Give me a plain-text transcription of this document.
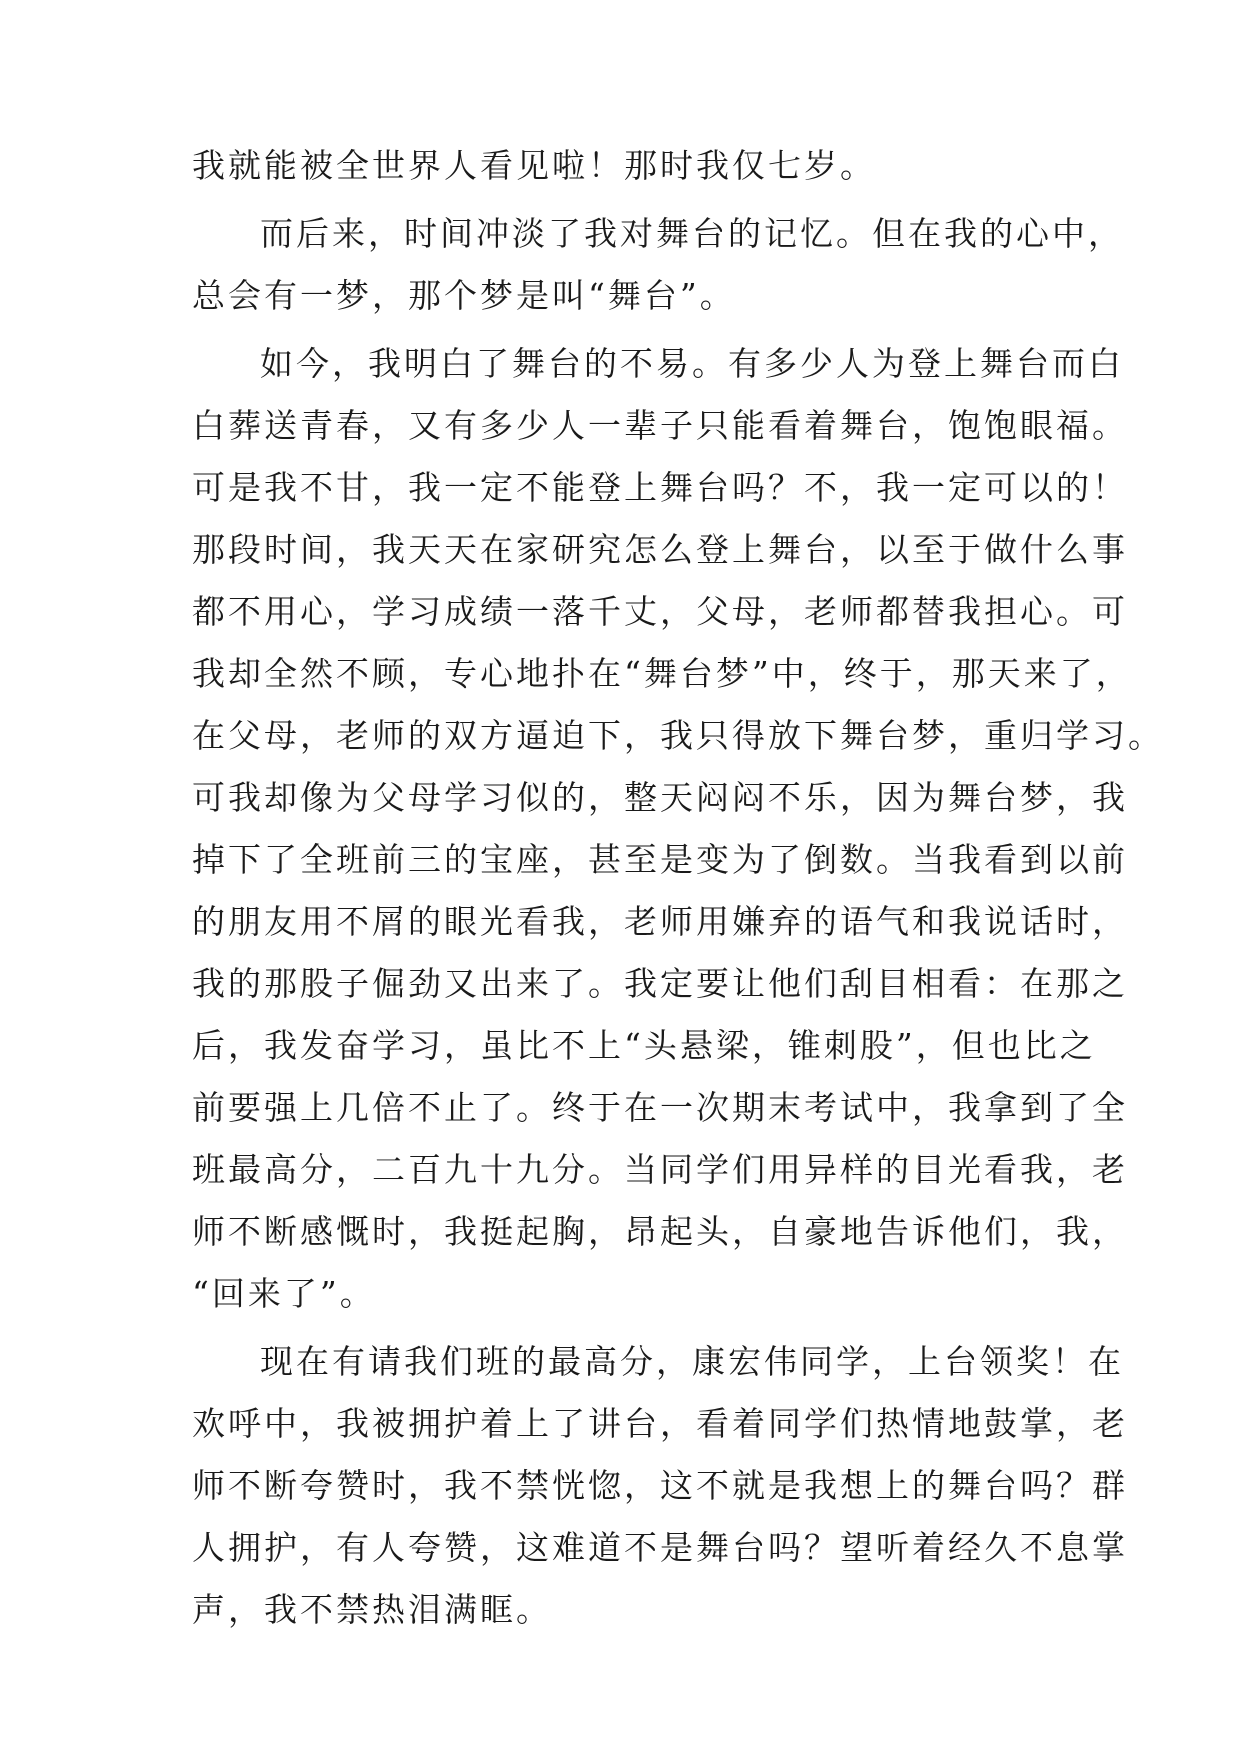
我就能被全世界人看见啦！那时我仅七岁。
而后来，时间冲淡了我对舞台的记忆。但在我的心中，
总会有一梦，那个梦是叫“舞台”。
如今，我明白了舞台的不易。有多少人为登上舞台而白
白葬送青春，又有多少人一辈子只能看着舞台，饱饱眼福。
可是我不甘，我一定不能登上舞台吗？不，我一定可以的！
那段时间，我天天在家研究怎么登上舞台，以至于做什么事
都不用心，学习成绩一落千丈，父母，老师都替我担心。可
我却全然不顾，专心地扑在“舞台梦”中，终于，那天来了，
在父母，老师的双方逼迫下，我只得放下舞台梦，重归学习。
可我却像为父母学习似的，整天闷闷不乐，因为舞台梦，我
掉下了全班前三的宝座，甚至是变为了倒数。当我看到以前
的朋友用不屑的眼光看我，老师用嫌弃的语气和我说话时，
我的那股子倔劲又出来了。我定要让他们刮目相看：在那之
后，我发奋学习，虽比不上“头悬梁，锥刺股”，但也比之
前要强上几倍不止了。终于在一次期末考试中，我拿到了全
班最高分，二百九十九分。当同学们用异样的目光看我，老
师不断感慨时，我挺起胸，昂起头，自豪地告诉他们，我，
“回来了”。
现在有请我们班的最高分，康宏伟同学，上台领奖！在
欢呼中，我被拥护着上了讲台，看着同学们热情地鼓掌，老
师不断夸赞时，我不禁恍惚，这不就是我想上的舞台吗？群
人拥护，有人夸赞，这难道不是舞台吗？望听着经久不息掌
声，我不禁热泪满眶。
